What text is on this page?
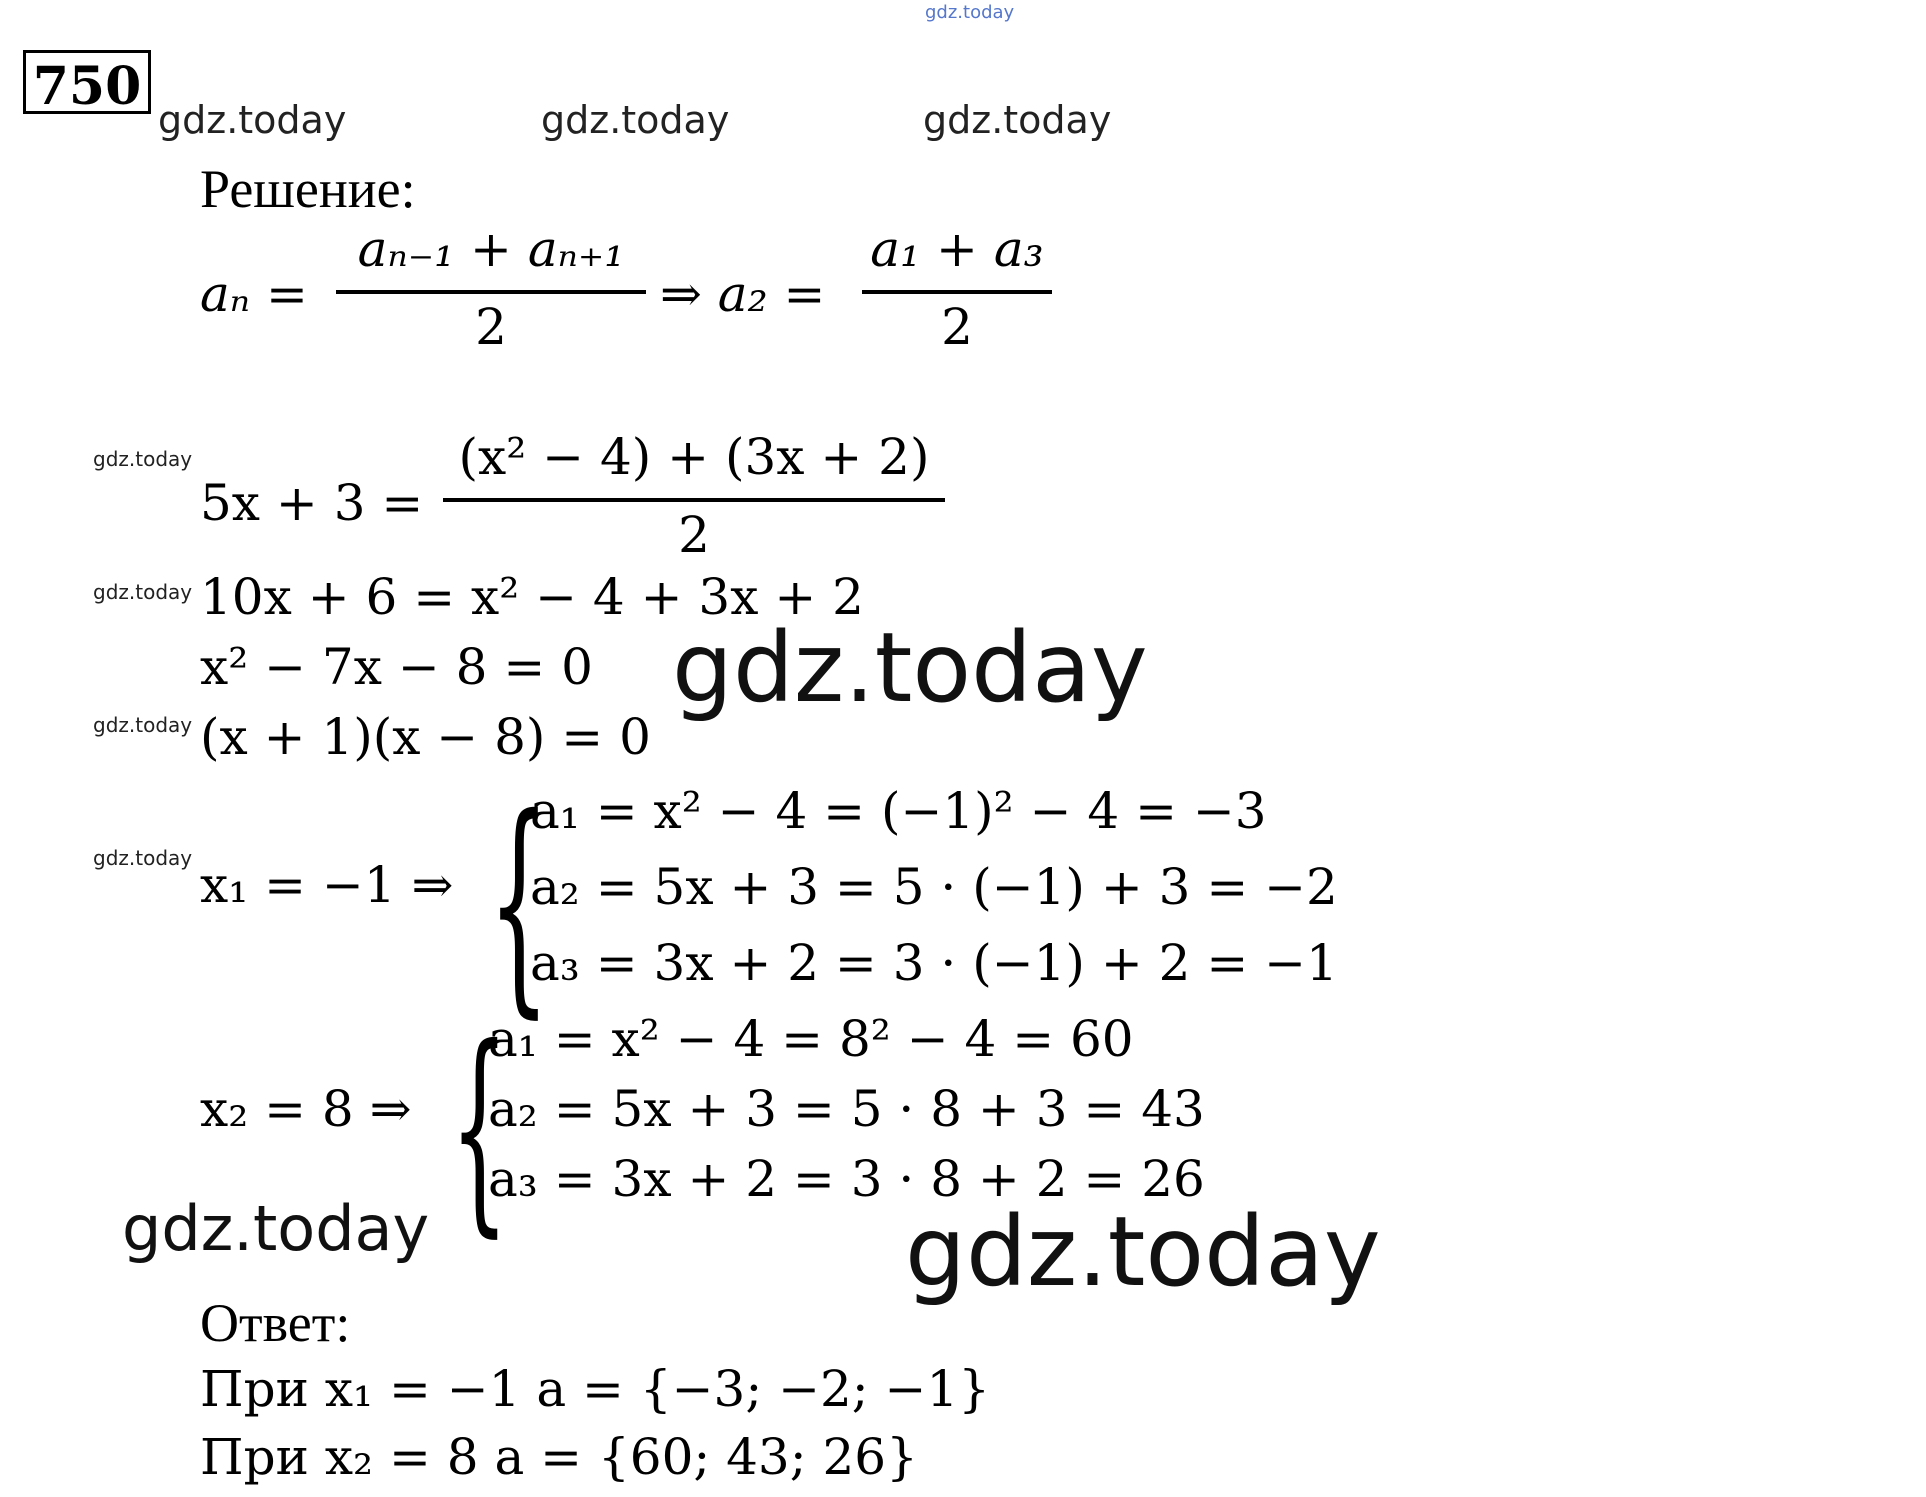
gdz.today
gdz.today	gdz.today	gdz.today
gdz.today
gdz.today
gdz.today
gdz.today
750
Решение:
aₙ =
aₙ₋₁ + aₙ₊₁
2
⇒ a₂ =
a₁ + a₃
2
5x + 3 =
(x² − 4) + (3x + 2)
2
10x + 6 = x² − 4 + 3x + 2
x² − 7x − 8 = 0 gdz.today
(x + 1)(x − 8) = 0
x₁ = −1 ⇒ {
a₁ = x² − 4 = (−1)² − 4 = −3
a₂ = 5x + 3 = 5 · (−1) + 3 = −2
a₃ = 3x + 2 = 3 · (−1) + 2 = −1
x₂ = 8 ⇒ {
a₁ = x² − 4 = 8² − 4 = 60
a₂ = 5x + 3 = 5 · 8 + 3 = 43
a₃ = 3x + 2 = 3 · 8 + 2 = 26
gdz.today	gdz.today
Ответ:
При x₁ = −1 a = {−3; −2; −1}
При x₂ = 8 a = {60; 43; 26}
